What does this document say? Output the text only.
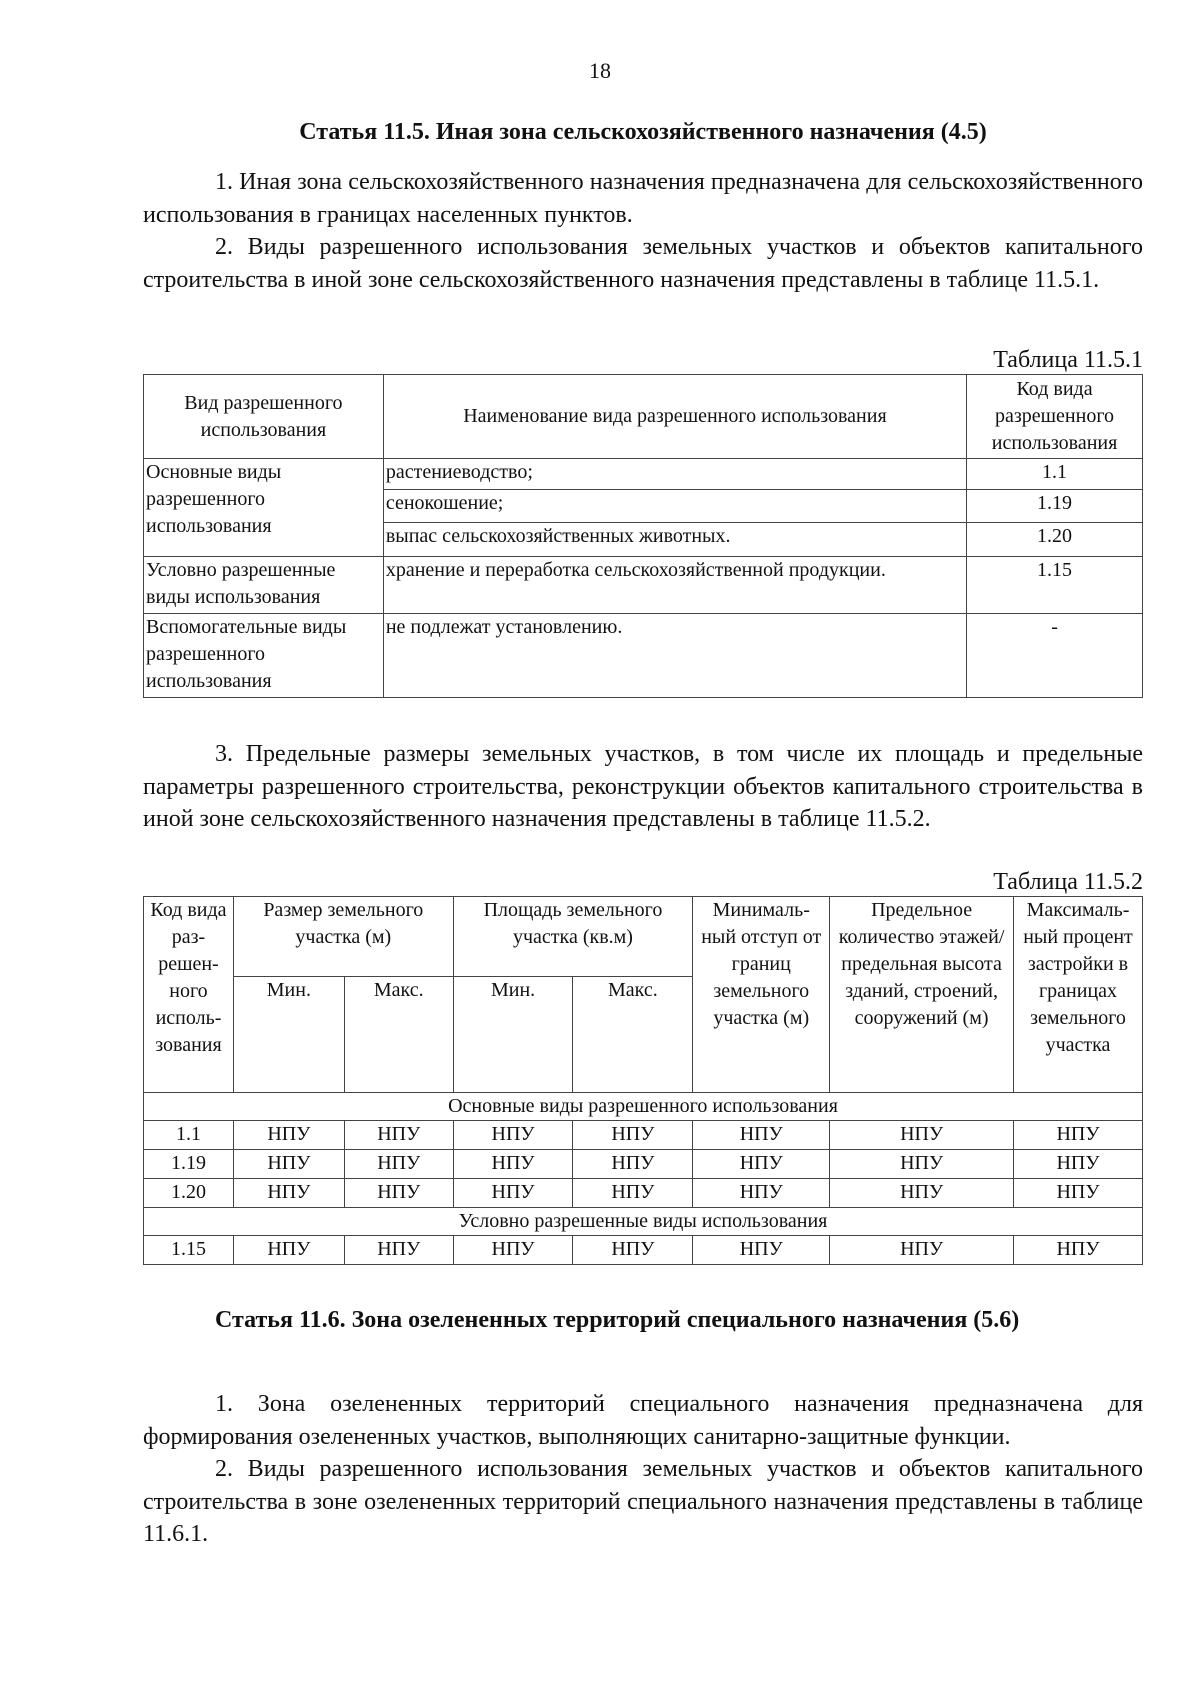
18

Статья 11.5. Иная зона сельскохозяйственного назначения (4.5)

1. Иная зона сельскохозяйственного назначения предназначена для сельскохозяйственного использования в границах населенных пунктов.

2. Виды разрешенного использования земельных участков и объектов капитального строительства в иной зоне сельскохозяйственного назначения представлены в таблице 11.5.1.

Таблица 11.5.1

Вид разрешенного использования	Наименование вида разрешенного использования	Код вида разрешенного использования
Основные виды разрешенного использования	растениеводство;	1.1
	сенокошение;	1.19
	выпас сельскохозяйственных животных.	1.20
Условно разрешенные виды использования	хранение и переработка сельскохозяйственной продукции.	1.15
Вспомогательные виды разрешенного использования	не подлежат установлению.	-

3. Предельные размеры земельных участков, в том числе их площадь и предельные параметры разрешенного строительства, реконструкции объектов капитального строительства в иной зоне сельскохозяйственного назначения представлены в таблице 11.5.2.

Таблица 11.5.2

Код вида раз-решен-ного исполь-зования	Размер земельного участка (м)		Площадь земельного участка (кв.м)		Минималь-ный отступ от границ земельного участка (м)	Предельное количество этажей/ предельная высота зданий, строений, сооружений (м)	Максималь-ный процент застройки в границах земельного участка
	Мин.	Макс.	Мин.	Макс.			
Основные виды разрешенного использования							
1.1	НПУ	НПУ	НПУ	НПУ	НПУ	НПУ	НПУ
1.19	НПУ	НПУ	НПУ	НПУ	НПУ	НПУ	НПУ
1.20	НПУ	НПУ	НПУ	НПУ	НПУ	НПУ	НПУ
Условно разрешенные виды использования							
1.15	НПУ	НПУ	НПУ	НПУ	НПУ	НПУ	НПУ

Статья 11.6. Зона озелененных территорий специального назначения (5.6)

1. Зона озелененных территорий специального назначения предназначена для формирования озелененных участков, выполняющих санитарно-защитные функции.

2. Виды разрешенного использования земельных участков и объектов капитального строительства в зоне озелененных территорий специального назначения представлены в таблице 11.6.1.
